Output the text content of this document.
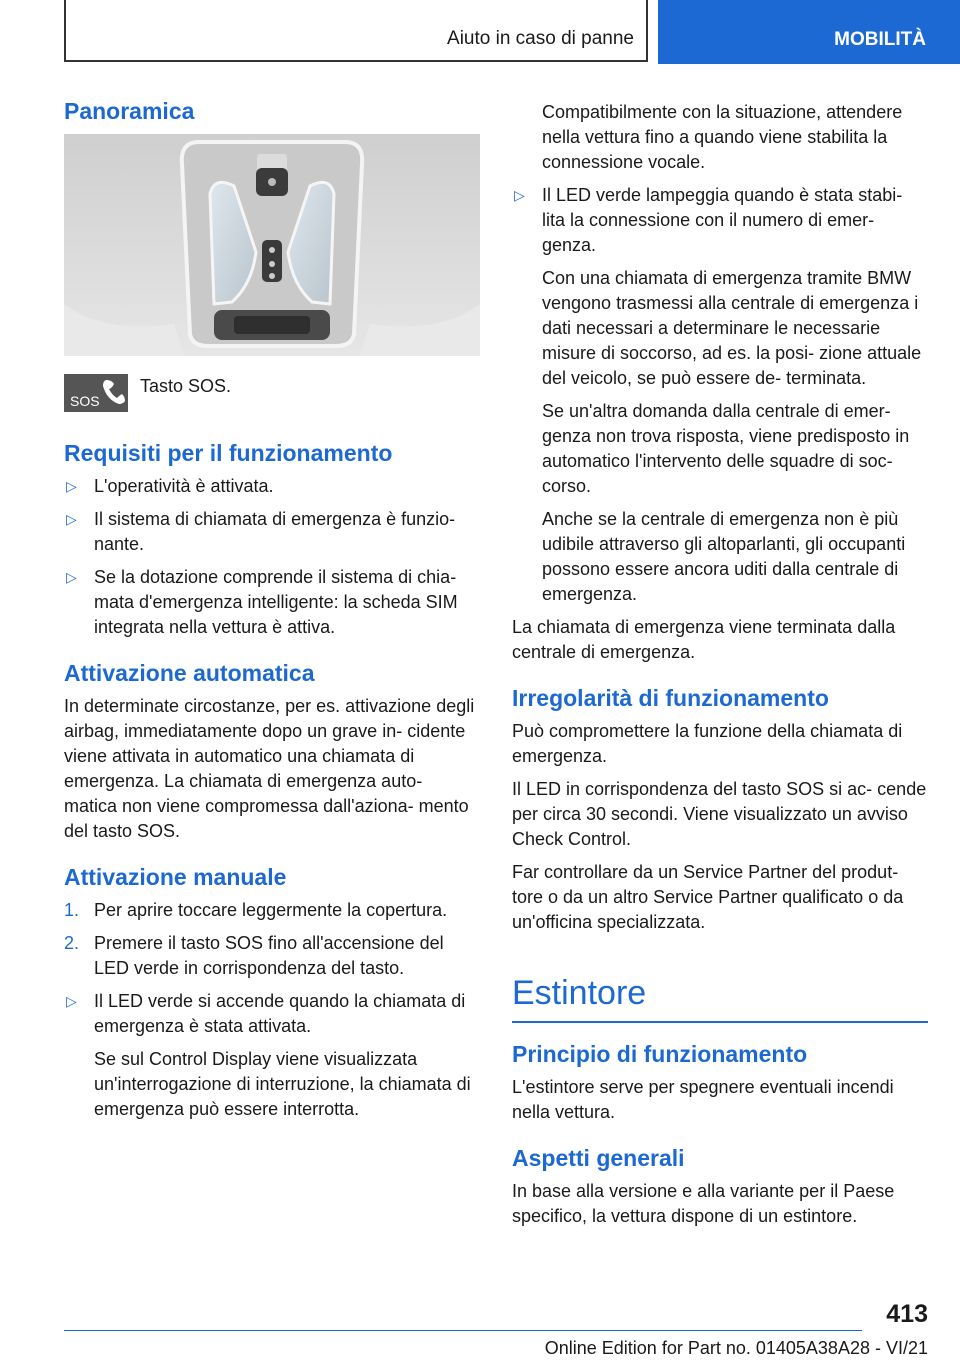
Aiuto in caso di panne	MOBILITÀ
Panoramica
SOS
Tasto SOS.
Requisiti per il funzionamento
▷ L'operatività è attivata.
▷ Il sistema di chiamata di emergenza è funzio- nante.
▷ Se la dotazione comprende il sistema di chia- mata d'emergenza intelligente: la scheda SIM integrata nella vettura è attiva.
Attivazione automatica

In determinate circostanze, per es. attivazione degli airbag, immediatamente dopo un grave in- cidente viene attivata in automatico una chiamata di emergenza. La chiamata di emergenza auto- matica non viene compromessa dall'aziona- mento del tasto SOS.

Attivazione manuale
1. Per aprire toccare leggermente la copertura.
2. Premere il tasto SOS fino all'accensione del LED verde in corrispondenza del tasto.
▷ Il LED verde si accende quando la chiamata di emergenza è stata attivata.
Se sul Control Display viene visualizzata un'interrogazione di interruzione, la chiamata di emergenza può essere interrotta.
Compatibilmente con la situazione, attendere nella vettura fino a quando viene stabilita la connessione vocale.
▷ Il LED verde lampeggia quando è stata stabi- lita la connessione con il numero di emer- genza.
Con una chiamata di emergenza tramite BMW vengono trasmessi alla centrale di emergenza i dati necessari a determinare le necessarie misure di soccorso, ad es. la posi- zione attuale del veicolo, se può essere de- terminata.
Se un'altra domanda dalla centrale di emer- genza non trova risposta, viene predisposto in automatico l'intervento delle squadre di soc- corso.
Anche se la centrale di emergenza non è più udibile attraverso gli altoparlanti, gli occupanti possono essere ancora uditi dalla centrale di emergenza.

La chiamata di emergenza viene terminata dalla centrale di emergenza.

Irregolarità di funzionamento

Può compromettere la funzione della chiamata di emergenza.

Il LED in corrispondenza del tasto SOS si ac- cende per circa 30 secondi. Viene visualizzato un avviso Check Control.

Far controllare da un Service Partner del produt- tore o da un altro Service Partner qualificato o da un'officina specializzata.

Estintore
Principio di funzionamento

L'estintore serve per spegnere eventuali incendi nella vettura.

Aspetti generali

In base alla versione e alla variante per il Paese specifico, la vettura dispone di un estintore.

413
Online Edition for Part no. 01405A38A28 - VI/21
